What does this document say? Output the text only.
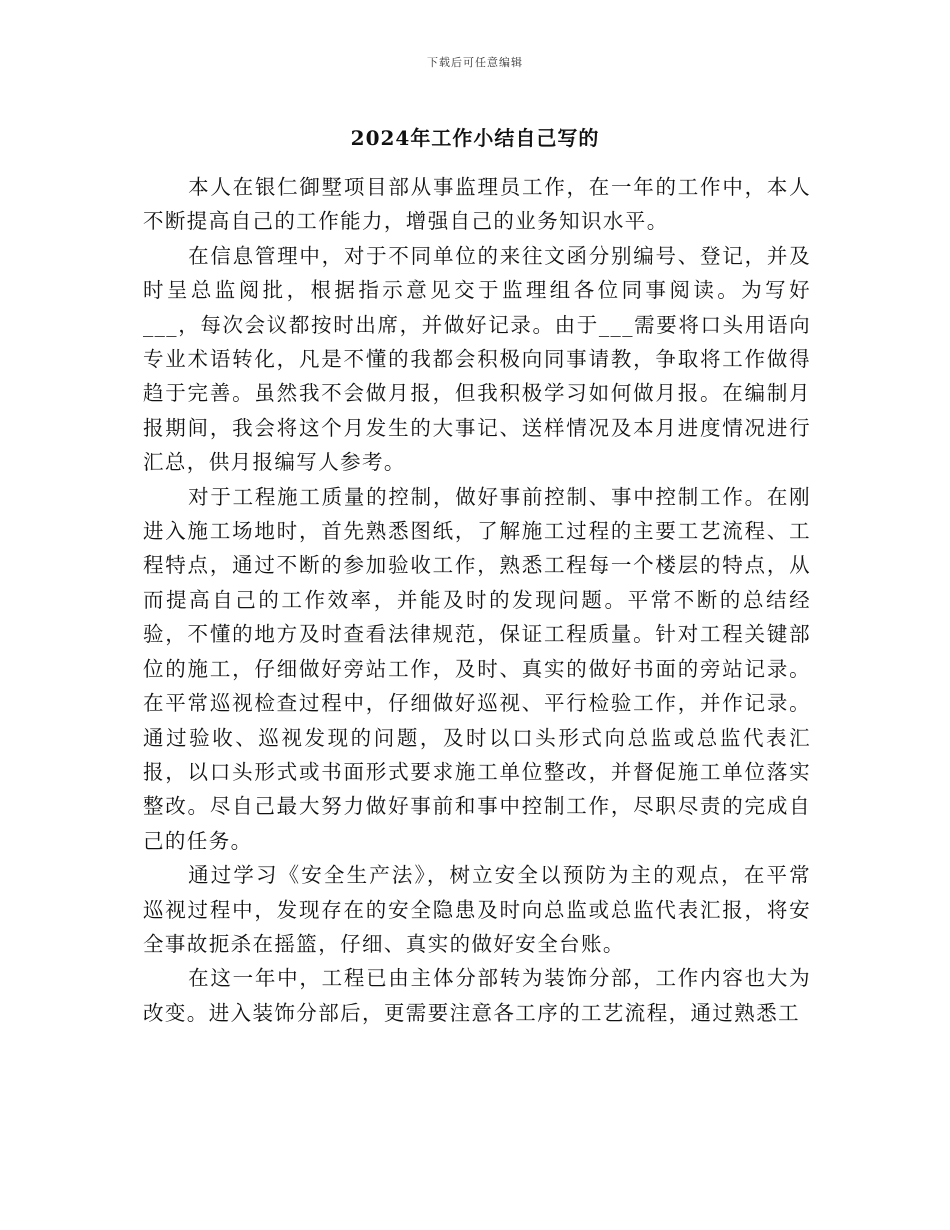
下载后可任意编辑
2024年工作小结自己写的

本人在银仁御墅项目部从事监理员工作，在一年的工作中，本人不断提高自己的工作能力，增强自己的业务知识水平。

在信息管理中，对于不同单位的来往文函分别编号、登记，并及时呈总监阅批，根据指示意见交于监理组各位同事阅读。为写好___，每次会议都按时出席，并做好记录。由于___需要将口头用语向专业术语转化，凡是不懂的我都会积极向同事请教，争取将工作做得趋于完善。虽然我不会做月报，但我积极学习如何做月报。在编制月报期间，我会将这个月发生的大事记、送样情况及本月进度情况进行汇总，供月报编写人参考。

对于工程施工质量的控制，做好事前控制、事中控制工作。在刚进入施工场地时，首先熟悉图纸，了解施工过程的主要工艺流程、工程特点，通过不断的参加验收工作，熟悉工程每一个楼层的特点，从而提高自己的工作效率，并能及时的发现问题。平常不断的总结经验，不懂的地方及时查看法律规范，保证工程质量。针对工程关键部位的施工，仔细做好旁站工作，及时、真实的做好书面的旁站记录。在平常巡视检查过程中，仔细做好巡视、平行检验工作，并作记录。通过验收、巡视发现的问题，及时以口头形式向总监或总监代表汇报，以口头形式或书面形式要求施工单位整改，并督促施工单位落实整改。尽自己最大努力做好事前和事中控制工作，尽职尽责的完成自己的任务。

通过学习《安全生产法》，树立安全以预防为主的观点，在平常巡视过程中，发现存在的安全隐患及时向总监或总监代表汇报，将安全事故扼杀在摇篮，仔细、真实的做好安全台账。

在这一年中，工程已由主体分部转为装饰分部，工作内容也大为改变。进入装饰分部后，更需要注意各工序的工艺流程，通过熟悉工
